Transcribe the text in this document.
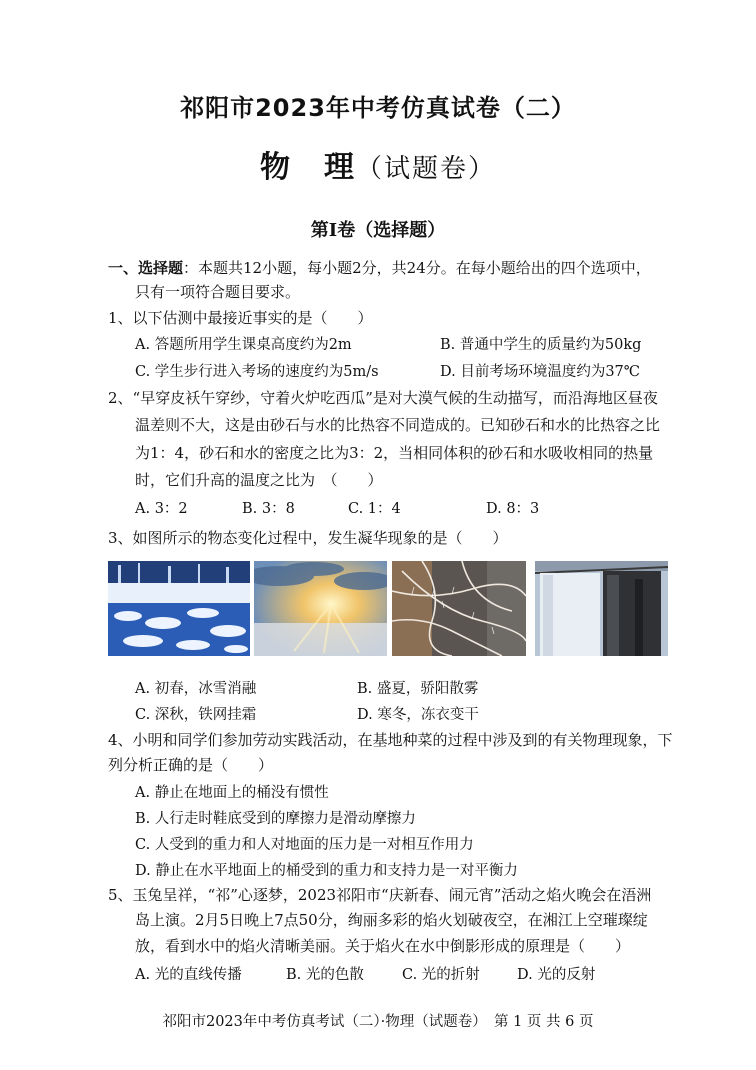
祁阳市2023年中考仿真试卷（二）
物　理（试题卷）
第Ⅰ卷（选择题）
一、选择题：本题共12小题，每小题2分，共24分。在每小题给出的四个选项中，
只有一项符合题目要求。
1、以下估测中最接近事实的是（　　）
A. 答题所用学生课桌高度约为2m	B. 普通中学生的质量约为50kg
C. 学生步行进入考场的速度约为5m/s	D. 目前考场环境温度约为37℃
2、“早穿皮袄午穿纱，守着火炉吃西瓜”是对大漠气候的生动描写，而沿海地区昼夜
温差则不大，这是由砂石与水的比热容不同造成的。已知砂石和水的比热容之比
为1：4，砂石和水的密度之比为3：2，当相同体积的砂石和水吸收相同的热量
时，它们升高的温度之比为　（　　）
A. 3：2	B. 3：8	C. 1：4	D. 8：3
3、如图所示的物态变化过程中，发生凝华现象的是（　　）
A. 初春，冰雪消融	B. 盛夏，骄阳散雾
C. 深秋，铁网挂霜	D. 寒冬，冻衣变干
4、小明和同学们参加劳动实践活动，在基地种菜的过程中涉及到的有关物理现象，下
列分析正确的是（　　）
A. 静止在地面上的桶没有惯性
B. 人行走时鞋底受到的摩擦力是滑动摩擦力
C. 人受到的重力和人对地面的压力是一对相互作用力
D. 静止在水平地面上的桶受到的重力和支持力是一对平衡力
5、玉兔呈祥，“祁”心逐梦，2023祁阳市“庆新春、闹元宵”活动之焰火晚会在浯洲
岛上演。2月5日晚上7点50分，绚丽多彩的焰火划破夜空，在湘江上空璀璨绽
放，看到水中的焰火清晰美丽。关于焰火在水中倒影形成的原理是（　　）
A. 光的直线传播	B. 光的色散	C. 光的折射	D. 光的反射
祁阳市2023年中考仿真考试（二）·物理（试题卷）　第 1 页 共 6 页
